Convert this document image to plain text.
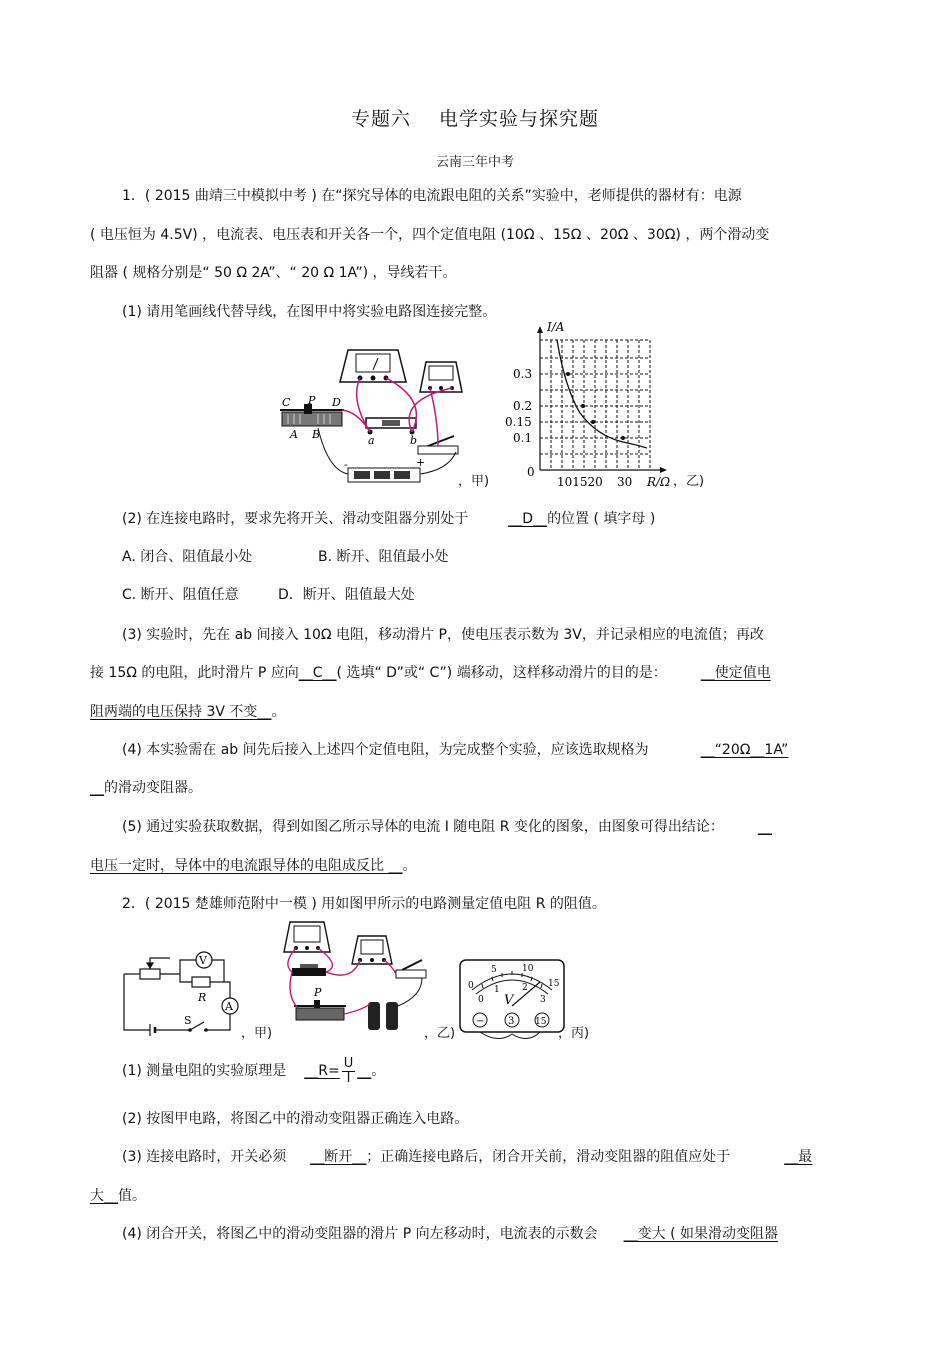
专题六 电学实验与探究题
云南三年中考
1．( 2015 曲靖三中模拟中考 ) 在“探究导体的电流跟电阻的关系”实验中，老师提供的器材有：电源
( 电压恒为 4.5V) ，电流表、电压表和开关各一个，四个定值电阻 (10Ω 、15Ω 、20Ω 、30Ω) ，两个滑动变
阻器 ( 规格分别是“ 50 Ω 2A”、“ 20 Ω 1A”) ，导线若干。
(1) 请用笔画线代替导线，在图甲中将实验电路图连接完整。
C P D
A B	a	b
-	+
，甲)
I/A
0.3
0.2
0.15
0.1
0
101520 30 R/Ω ，乙)
(2) 在连接电路时，要求先将开关、滑动变阻器分别处于	__D__的位置 ( 填字母 )
A. 闭合、阻值最小处	B. 断开、阻值最小处
C. 断开、阻值任意	D．断开、阻值最大处
(3) 实验时，先在 ab 间接入 10Ω 电阻，移动滑片 P，使电压表示数为 3V，并记录相应的电流值；再改
接 15Ω 的电阻，此时滑片 P 应向__C__( 选填“ D”或“ C”) 端移动，这样移动滑片的目的是： __使定值电
阻两端的电压保持 3V 不变__。
(4) 本实验需在 ab 间先后接入上述四个定值电阻，为完成整个实验，应该选取规格为	__“20Ω__1A”
__的滑动变阻器。
(5) 通过实验获取数据，得到如图乙所示导体的电流 I 随电阻 R 变化的图象，由图象可得出结论： __
电压一定时，导体中的电流跟导体的电阻成反比 __。
2．( 2015 楚雄师范附中一模 ) 用如图甲所示的电路测量定值电阻 R 的阻值。
V
R
A
S
，甲)
P
，乙)
0
5	10
15
0
1 2
3
V
− 3 15
，丙)
(1) 测量电阻的实验原理是 __R= $\frac{U}{I}$ __。
(2) 按图甲电路，将图乙中的滑动变阻器正确连入电路。
(3) 连接电路时，开关必须 __断开__；正确连接电路后，闭合开关前，滑动变阻器的阻值应处于	__最
大__值。
(4) 闭合开关，将图乙中的滑动变阻器的滑片 P 向左移动时，电流表的示数会 __变大 ( 如果滑动变阻器
